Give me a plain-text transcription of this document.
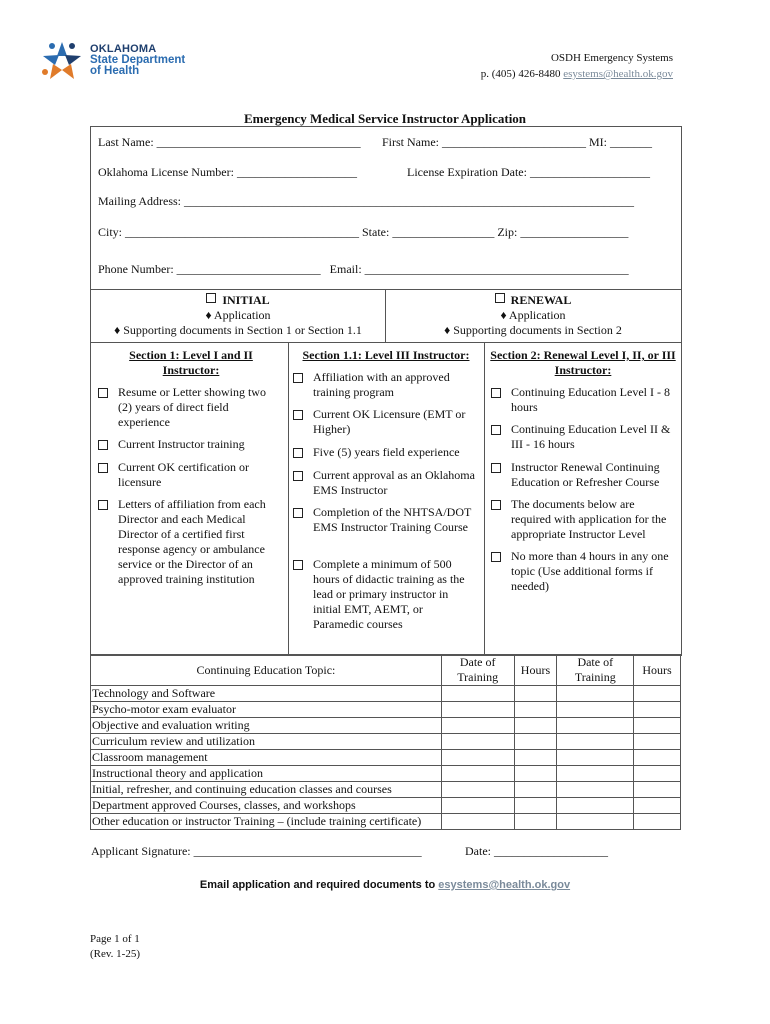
OKLAHOMA
State Department
of Health
OSDH Emergency Systems
p. (405) 426-8480 esystems@health.ok.gov
Emergency Medical Service Instructor Application
Last Name: __________________________________ First Name: ________________________ MI: _______
Oklahoma License Number: ____________________	License Expiration Date: ____________________
Mailing Address: ___________________________________________________________________________
City: _______________________________________ State: _________________ Zip: __________________
Phone Number: ________________________   Email: ____________________________________________
INITIAL
♦ Application
♦ Supporting documents in Section 1 or Section 1.1
RENEWAL
♦ Application
♦ Supporting documents in Section 2
Section 1: Level I and II Instructor:
Resume or Letter showing two (2) years of direct field experience
Current Instructor training
Current OK certification or licensure
Letters of affiliation from each Director and each Medical Director of a certified first response agency or ambulance service or the Director of an approved training institution
Section 1.1: Level III Instructor:
Affiliation with an approved training program
Current OK Licensure (EMT or Higher)
Five (5) years field experience
Current approval as an Oklahoma EMS Instructor
Completion of the NHTSA/DOT EMS Instructor Training Course
Complete a minimum of 500 hours of didactic training as the lead or primary instructor in initial EMT, AEMT, or Paramedic courses
Section 2: Renewal Level I, II, or III Instructor:
Continuing Education Level I - 8 hours
Continuing Education Level II & III - 16 hours
Instructor Renewal Continuing Education or Refresher Course
The documents below are required with application for the appropriate Instructor Level
No more than 4 hours in any one topic (Use additional forms if needed)
Continuing Education Topic:	Date of Training	Hours	Date of Training	Hours
Technology and Software				
Psycho-motor exam evaluator				
Objective and evaluation writing				
Curriculum review and utilization				
Classroom management				
Instructional theory and application				
Initial, refresher, and continuing education classes and courses				
Department approved Courses, classes, and workshops				
Other education or instructor Training – (include training certificate)				
Applicant Signature: ______________________________________	Date: ___________________
Email application and required documents to esystems@health.ok.gov
Page 1 of 1
(Rev. 1-25)
